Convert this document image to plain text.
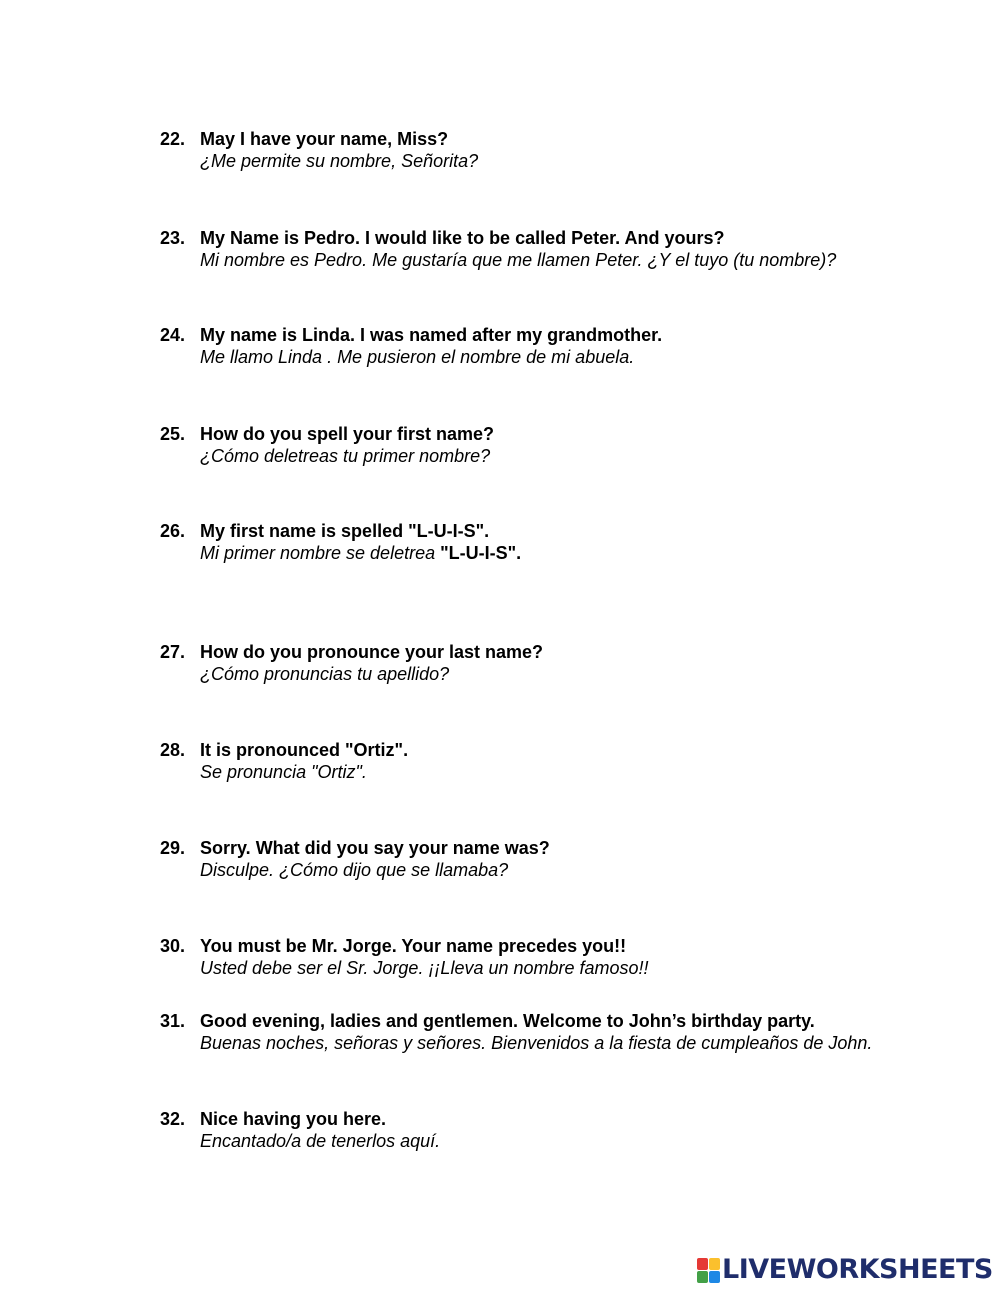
22. May I have your name, Miss?
¿Me permite su nombre, Señorita?
23. My Name is Pedro. I would like to be called Peter. And yours?
Mi nombre es Pedro. Me gustaría que me llamen Peter. ¿Y el tuyo (tu nombre)?
24. My name is Linda. I was named after my grandmother.
Me llamo Linda . Me pusieron el nombre de mi abuela.
25. How do you spell your first name?
¿Cómo deletreas tu primer nombre?
26. My first name is spelled "L-U-I-S".
Mi primer nombre se deletrea "L-U-I-S".
27. How do you pronounce your last name?
¿Cómo pronuncias tu apellido?
28. It is pronounced "Ortiz".
Se pronuncia "Ortiz".
29. Sorry. What did you say your name was?
Disculpe. ¿Cómo dijo que se llamaba?
30. You must be Mr. Jorge. Your name precedes you!!
Usted debe ser el Sr. Jorge. ¡¡Lleva un nombre famoso!!
31. Good evening, ladies and gentlemen. Welcome to John’s birthday party.
Buenas noches, señoras y señores. Bienvenidos a la fiesta de cumpleaños de John.
32. Nice having you here.
Encantado/a de tenerlos aquí.
LIVEWORKSHEETS
